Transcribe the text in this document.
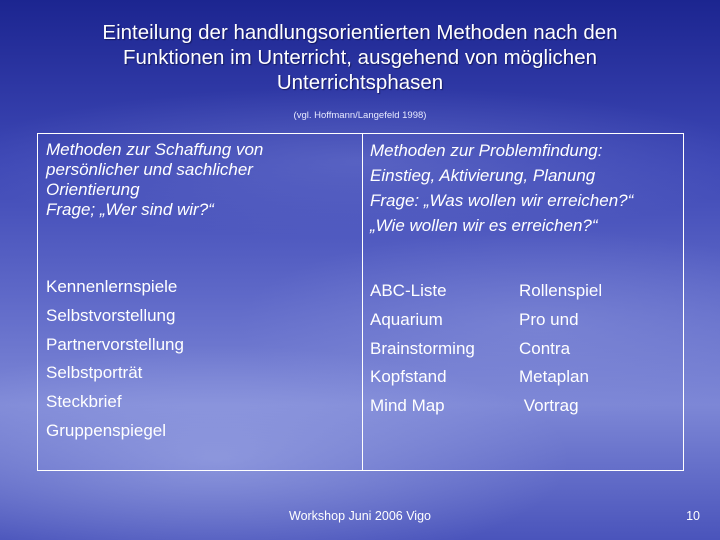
Einteilung der handlungsorientierten Methoden nach den
Funktionen im Unterricht, ausgehend von möglichen
Unterrichtsphasen
(vgl. Hoffmann/Langefeld 1998)
Methoden zur Schaffung von
persönlicher und sachlicher
Orientierung
Frage; „Wer sind wir?“
Methoden zur Problemfindung:
Einstieg, Aktivierung, Planung
Frage: „Was wollen wir erreichen?“
„Wie wollen wir es erreichen?“
Kennenlernspiele
Selbstvorstellung
Partnervorstellung
Selbstporträt
Steckbrief
Gruppenspiegel
ABC-Liste
Aquarium
Brainstorming
Kopfstand
Mind Map
Rollenspiel
Pro und
Contra
Metaplan
Vortrag
Workshop Juni 2006 Vigo	10
